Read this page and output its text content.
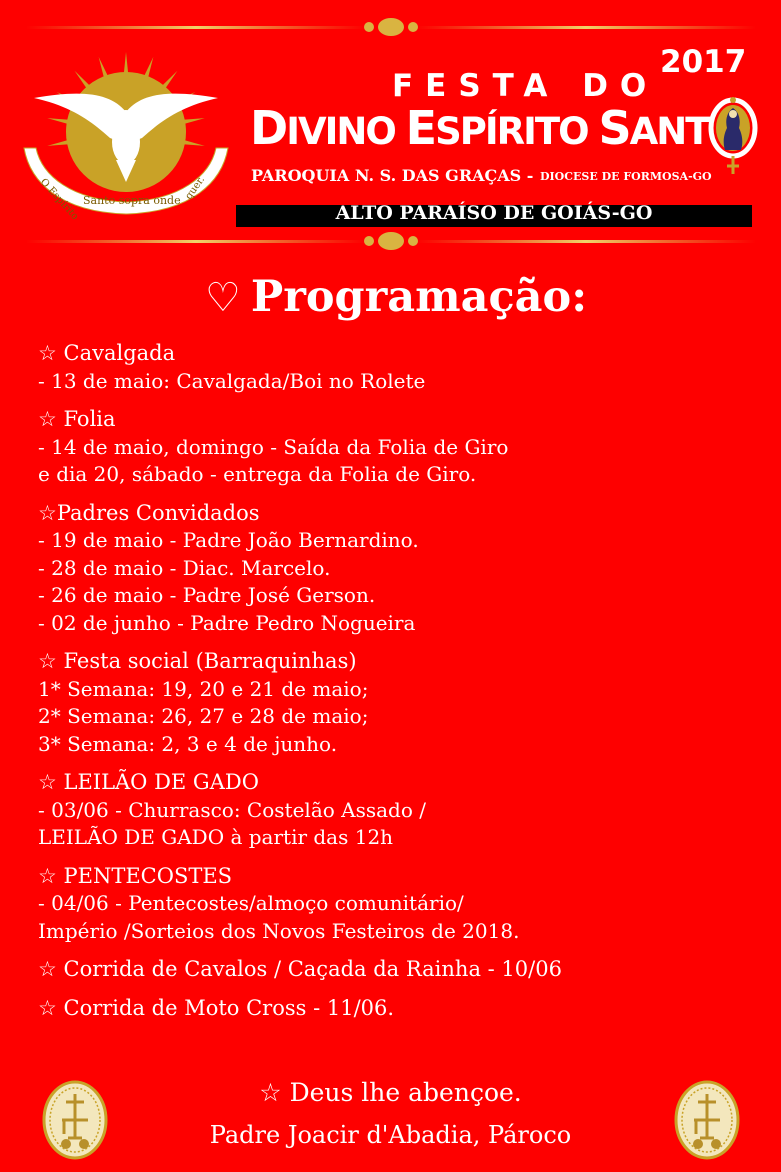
O Espírito Santo sopra onde quer.
FESTA DO
2017
DIVINO ESPÍRITO SANT
PAROQUIA N. S. DAS GRAÇAS - DIOCESE DE FORMOSA-GO
ALTO PARAÍSO DE GOIÁS-GO
♡ Programação:
☆ Cavalgada
- 13 de maio: Cavalgada/Boi no Rolete
☆ Folia
- 14 de maio, domingo - Saída da Folia de Giro
e dia 20, sábado - entrega da Folia de Giro.
☆Padres Convidados
- 19 de maio - Padre João Bernardino.
- 28 de maio - Diac. Marcelo.
- 26 de maio - Padre José Gerson.
- 02 de junho - Padre Pedro Nogueira
☆ Festa social (Barraquinhas)
1* Semana: 19, 20 e 21 de maio;
2* Semana: 26, 27 e 28 de maio;
3* Semana: 2, 3 e 4 de junho.
☆ LEILÃO DE GADO
- 03/06 - Churrasco: Costelão Assado /
LEILÃO DE GADO à partir das 12h
☆ PENTECOSTES
- 04/06 - Pentecostes/almoço comunitário/
Império /Sorteios dos Novos Festeiros de 2018.
☆ Corrida de Cavalos / Caçada da Rainha - 10/06
☆ Corrida de Moto Cross - 11/06.
☆ Deus lhe abençoe.
Padre Joacir d'Abadia, Pároco
